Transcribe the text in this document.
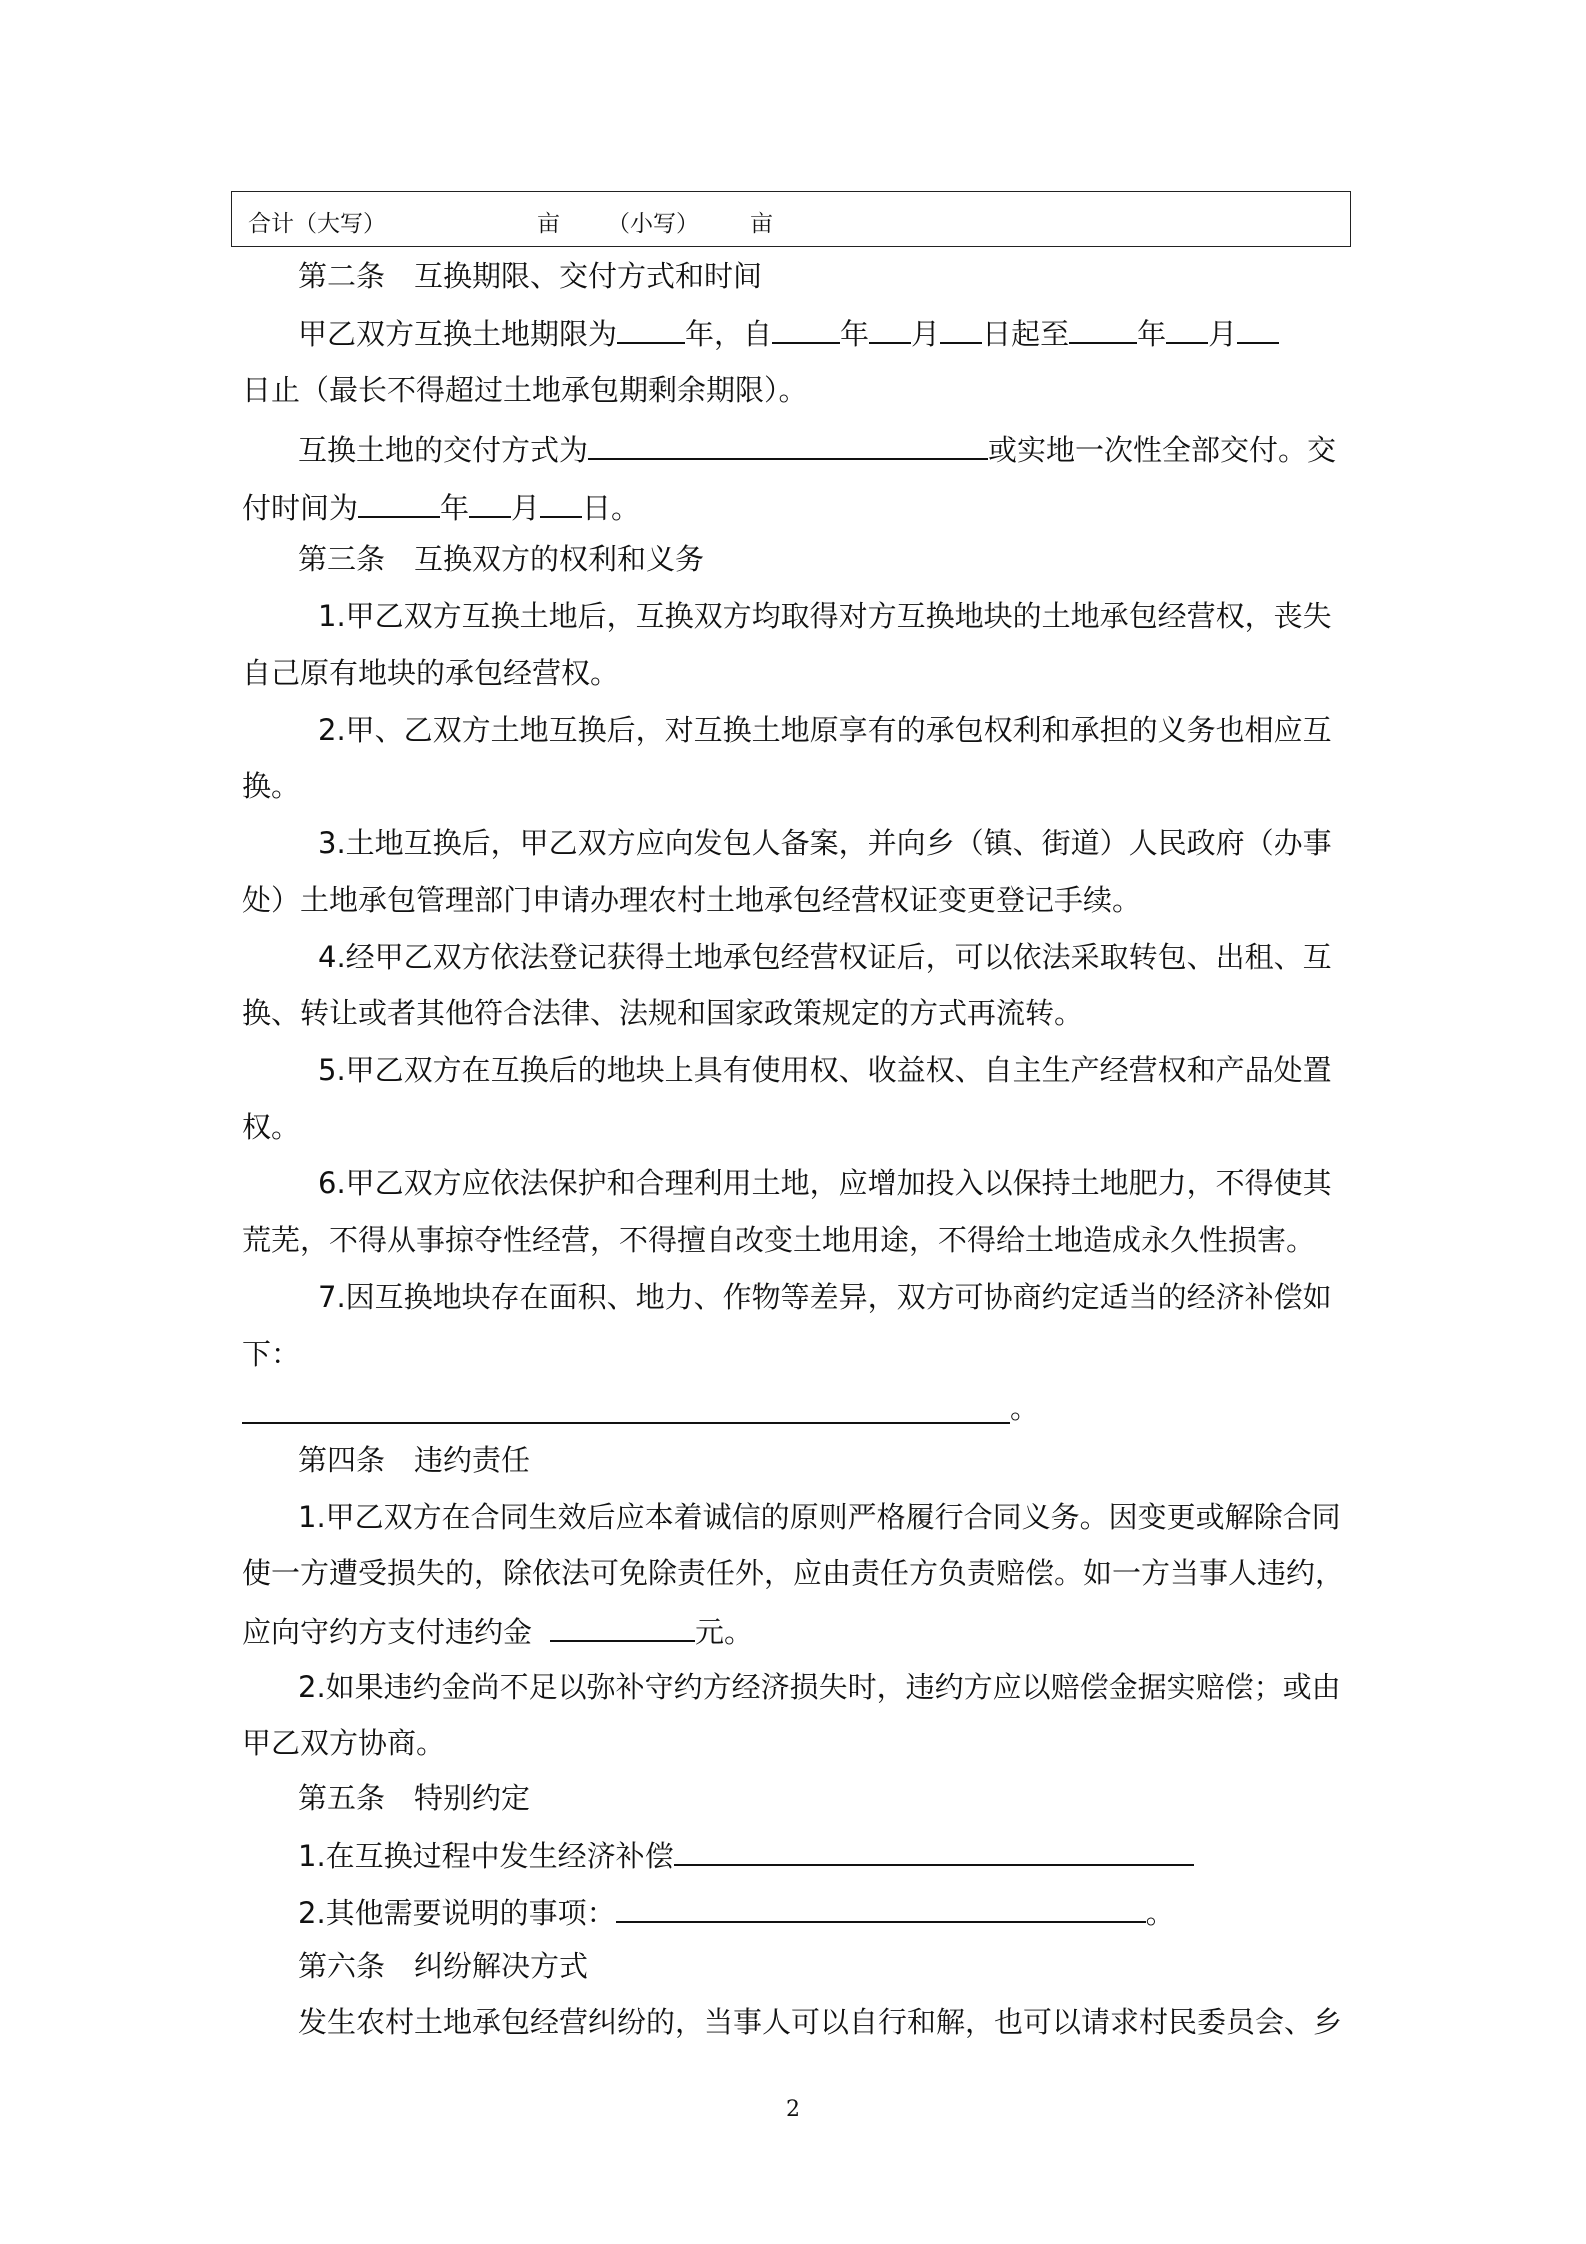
合计（大写）	亩 （小写） 亩
第二条　互换期限、交付方式和时间
甲乙双方互换土地期限为 年，自 年 月 日起至 年 月
日止（最长不得超过土地承包期剩余期限）。
互换土地的交付方式为	或实地一次性全部交付。交
付时间为	年 月 日。
第三条　互换双方的权利和义务
1.甲乙双方互换土地后，互换双方均取得对方互换地块的土地承包经营权，丧失
自己原有地块的承包经营权。
2.甲、乙双方土地互换后，对互换土地原享有的承包权利和承担的义务也相应互
换。
3.土地互换后，甲乙双方应向发包人备案，并向乡（镇、街道）人民政府（办事
处）土地承包管理部门申请办理农村土地承包经营权证变更登记手续。
4.经甲乙双方依法登记获得土地承包经营权证后，可以依法采取转包、出租、互
换、转让或者其他符合法律、法规和国家政策规定的方式再流转。
5.甲乙双方在互换后的地块上具有使用权、收益权、自主生产经营权和产品处置
权。
6.甲乙双方应依法保护和合理利用土地，应增加投入以保持土地肥力，不得使其
荒芜，不得从事掠夺性经营，不得擅自改变土地用途，不得给土地造成永久性损害。
7.因互换地块存在面积、地力、作物等差异，双方可协商约定适当的经济补偿如
下：
。
第四条　违约责任
1.甲乙双方在合同生效后应本着诚信的原则严格履行合同义务。因变更或解除合同
使一方遭受损失的，除依法可免除责任外，应由责任方负责赔偿。如一方当事人违约，
应向守约方支付违约金	元。
2.如果违约金尚不足以弥补守约方经济损失时，违约方应以赔偿金据实赔偿；或由
甲乙双方协商。
第五条　特别约定
1.在互换过程中发生经济补偿
2.其他需要说明的事项：	。
第六条　纠纷解决方式
发生农村土地承包经营纠纷的，当事人可以自行和解，也可以请求村民委员会、乡
2
